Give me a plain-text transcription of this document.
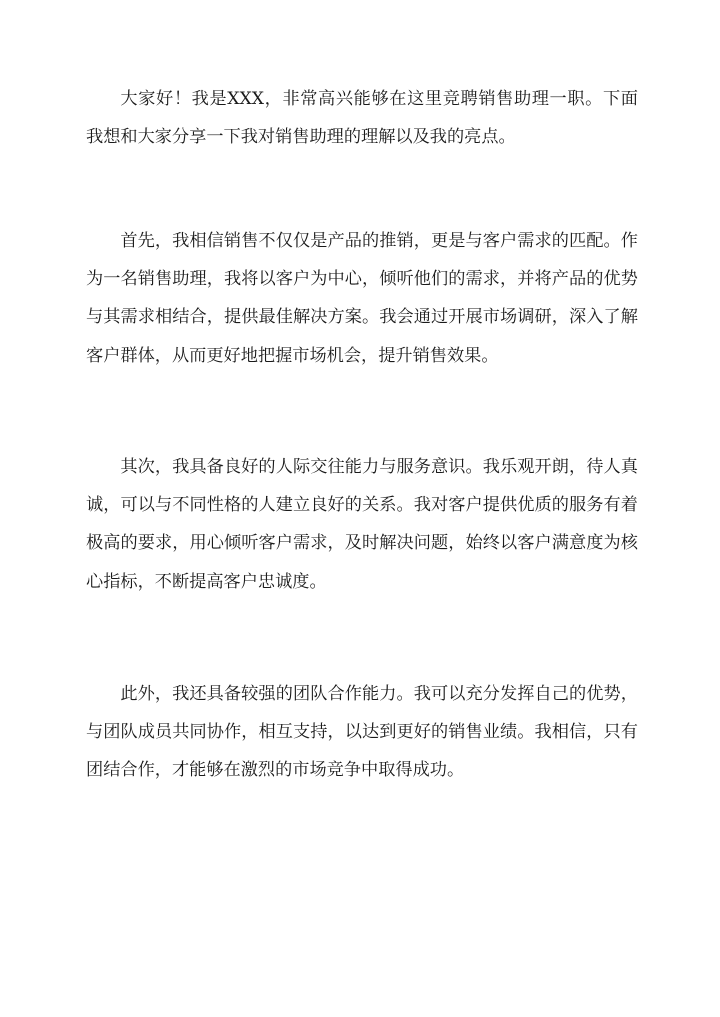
大家好！我是XXX，非常高兴能够在这里竞聘销售助理一职。下面我想和大家分享一下我对销售助理的理解以及我的亮点。

首先，我相信销售不仅仅是产品的推销，更是与客户需求的匹配。作为一名销售助理，我将以客户为中心，倾听他们的需求，并将产品的优势与其需求相结合，提供最佳解决方案。我会通过开展市场调研，深入了解客户群体，从而更好地把握市场机会，提升销售效果。

其次，我具备良好的人际交往能力与服务意识。我乐观开朗，待人真诚，可以与不同性格的人建立良好的关系。我对客户提供优质的服务有着极高的要求，用心倾听客户需求，及时解决问题，始终以客户满意度为核心指标，不断提高客户忠诚度。

此外，我还具备较强的团队合作能力。我可以充分发挥自己的优势，与团队成员共同协作，相互支持，以达到更好的销售业绩。我相信，只有团结合作，才能够在激烈的市场竞争中取得成功。
